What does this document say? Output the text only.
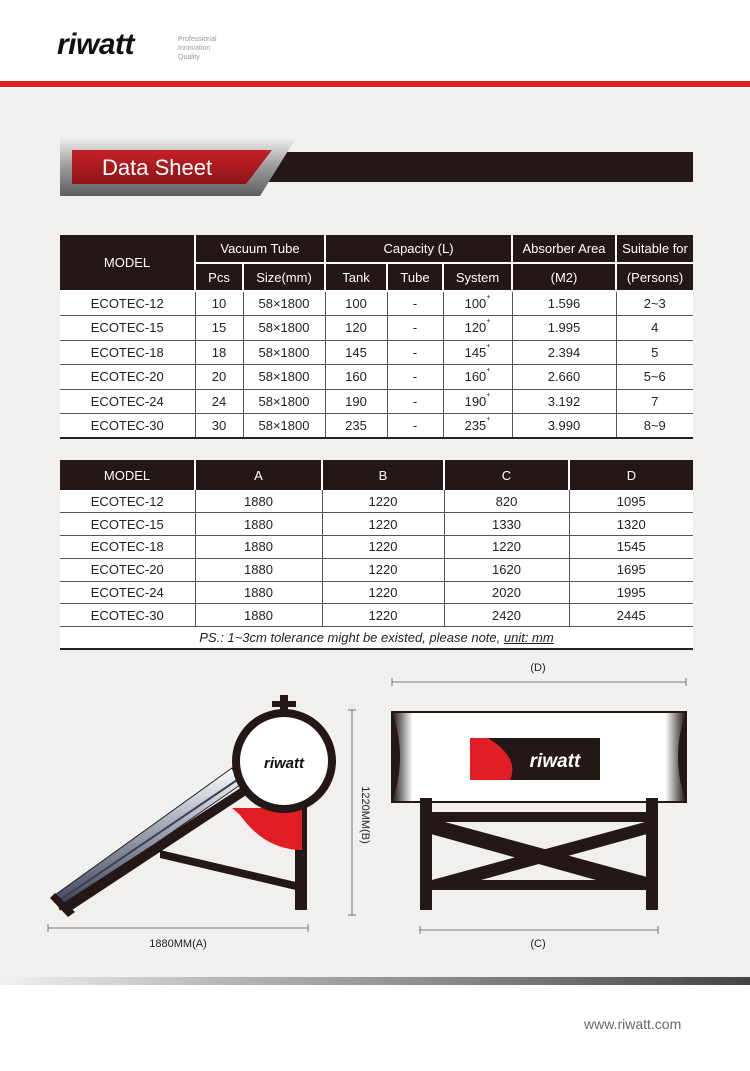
riwatt	Professional
Innovation
Quality
Data Sheet
MODEL	Vacuum Tube		Capacity (L)			Absorber Area	Suitable for
	Pcs	Size(mm)	Tank	Tube	System	(M2)	(Persons)
ECOTEC-12	10	58×1800	100	-	100+	1.596	2~3
ECOTEC-15	15	58×1800	120	-	120+	1.995	4
ECOTEC-18	18	58×1800	145	-	145+	2.394	5
ECOTEC-20	20	58×1800	160	-	160+	2.660	5~6
ECOTEC-24	24	58×1800	190	-	190+	3.192	7
ECOTEC-30	30	58×1800	235	-	235+	3.990	8~9
MODEL	A	B	C	D
ECOTEC-12	1880	1220	820	1095
ECOTEC-15	1880	1220	1330	1320
ECOTEC-18	1880	1220	1220	1545
ECOTEC-20	1880	1220	1620	1695
ECOTEC-24	1880	1220	2020	1995
ECOTEC-30	1880	1220	2420	2445
PS.: 1~3cm tolerance might be existed, please note, unit: mm				
riwatt
1880MM(A)
1220MM(B)
(D)
riwatt
(C)
www.riwatt.com
